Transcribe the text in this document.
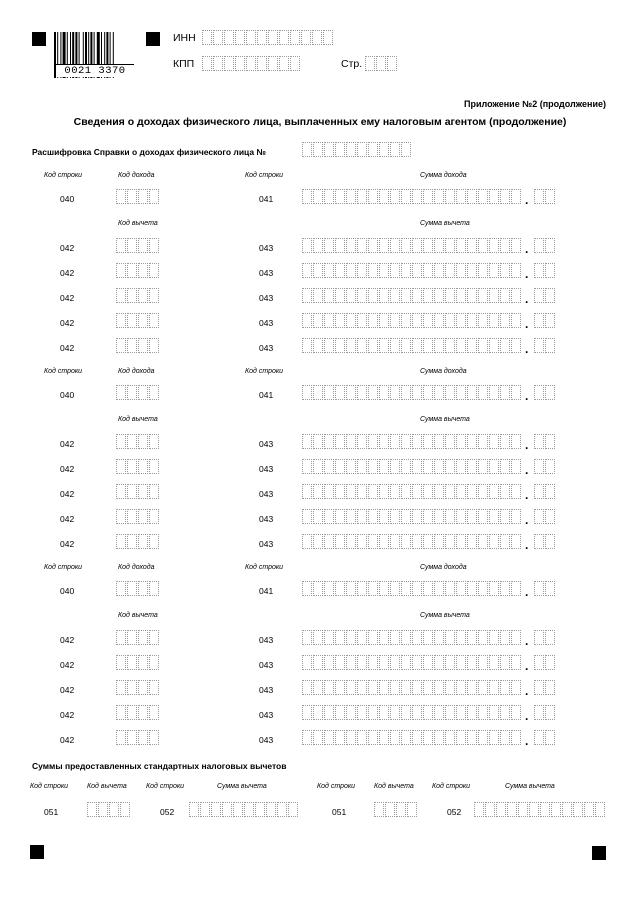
0021 3370
ИНН
КПП	Стр.
Приложение №2 (продолжение)
Сведения о доходах физического лица, выплаченных ему налоговым агентом (продолжение)
Расшифровка Справки о доходах физического лица №
Код строки	Код дохода	Код строки	Сумма дохода
040	041	.
Код вычета	Сумма вычета
042	043	.
042	043	.
042	043	.
042	043	.
042	043	.
Код строки	Код дохода	Код строки	Сумма дохода
040	041	.
Код вычета	Сумма вычета
042	043	.
042	043	.
042	043	.
042	043	.
042	043	.
Код строки	Код дохода	Код строки	Сумма дохода
040	041	.
Код вычета	Сумма вычета
042	043	.
042	043	.
042	043	.
042	043	.
042	043	.
Суммы предоставленных стандартных налоговых вычетов
Код строки	Код вычета	Код строки	Сумма вычета	Код строки	Код вычета	Код строки	Сумма вычета
051	052	051	052
